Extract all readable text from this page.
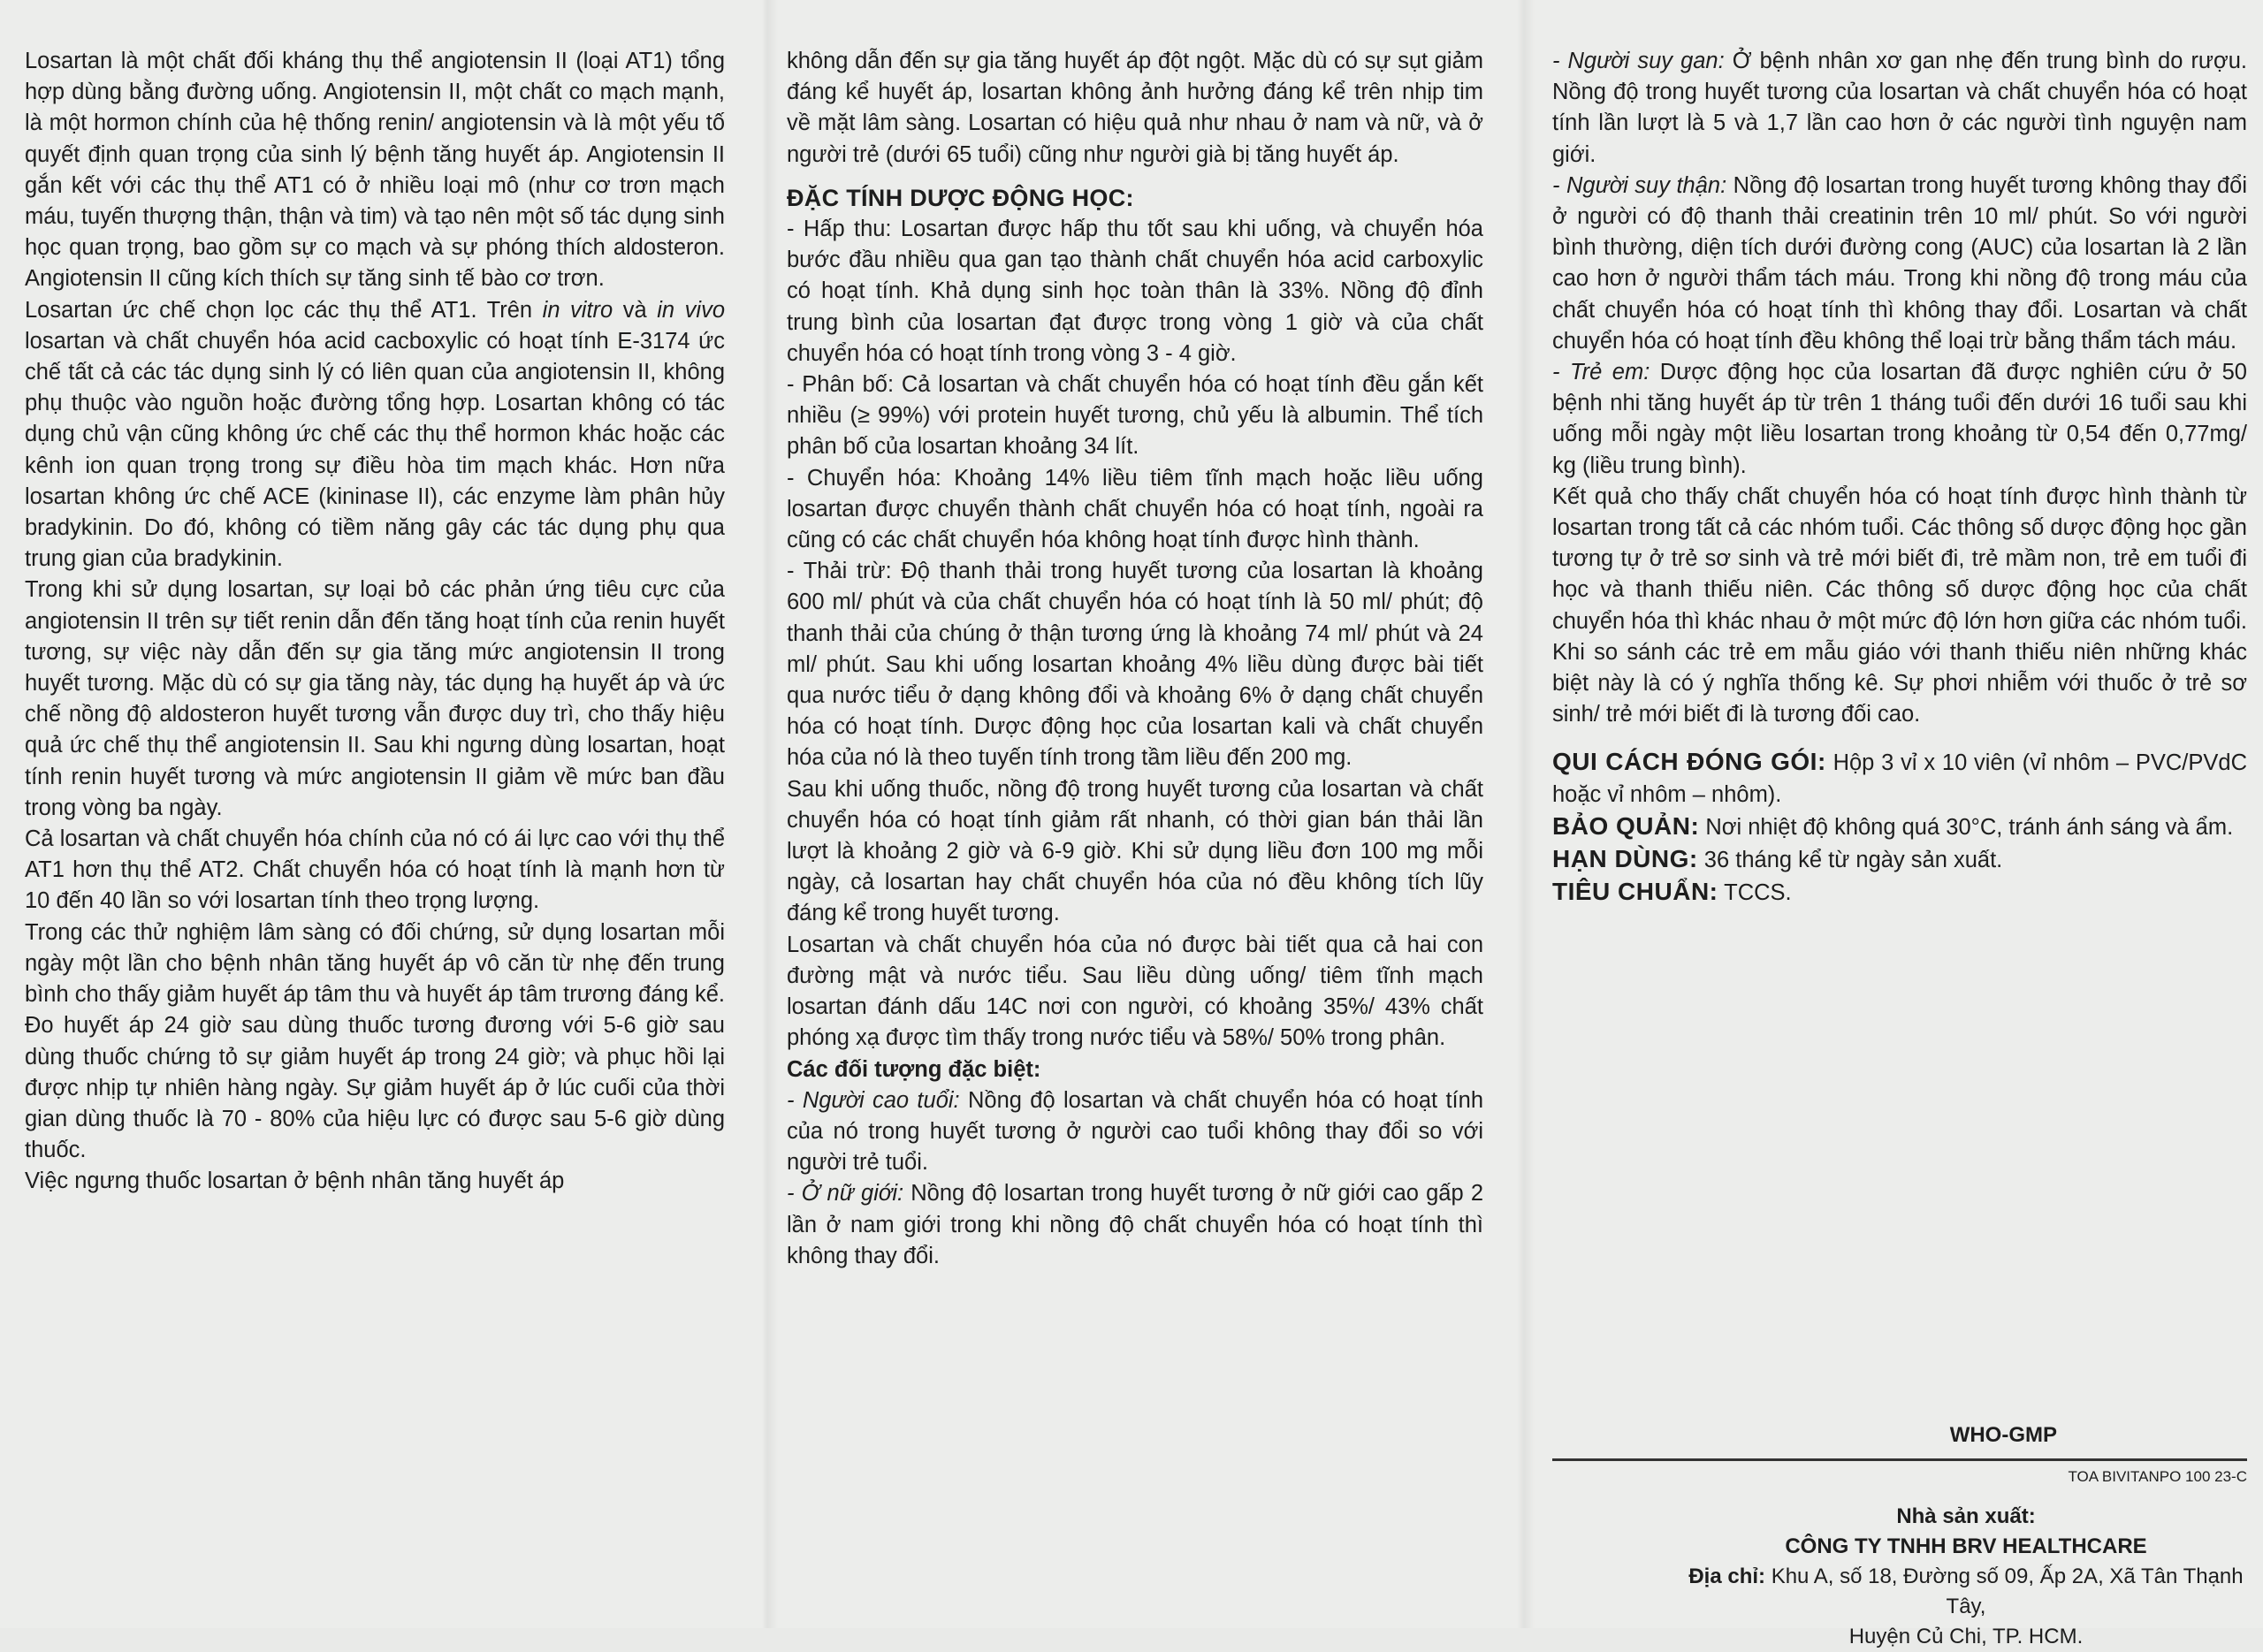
Losartan là một chất đối kháng thụ thể angiotensin II (loại AT1) tổng hợp dùng bằng đường uống. Angiotensin II, một chất co mạch mạnh, là một hormon chính của hệ thống renin/ angiotensin và là một yếu tố quyết định quan trọng của sinh lý bệnh tăng huyết áp. Angiotensin II gắn kết với các thụ thể AT1 có ở nhiều loại mô (như cơ trơn mạch máu, tuyến thượng thận, thận và tim) và tạo nên một số tác dụng sinh học quan trọng, bao gồm sự co mạch và sự phóng thích aldosteron. Angiotensin II cũng kích thích sự tăng sinh tế bào cơ trơn.

Losartan ức chế chọn lọc các thụ thể AT1. Trên in vitro và in vivo losartan và chất chuyển hóa acid cacboxylic có hoạt tính E-3174 ức chế tất cả các tác dụng sinh lý có liên quan của angiotensin II, không phụ thuộc vào nguồn hoặc đường tổng hợp. Losartan không có tác dụng chủ vận cũng không ức chế các thụ thể hormon khác hoặc các kênh ion quan trọng trong sự điều hòa tim mạch khác. Hơn nữa losartan không ức chế ACE (kininase II), các enzyme làm phân hủy bradykinin. Do đó, không có tiềm năng gây các tác dụng phụ qua trung gian của bradykinin.

Trong khi sử dụng losartan, sự loại bỏ các phản ứng tiêu cực của angiotensin II trên sự tiết renin dẫn đến tăng hoạt tính của renin huyết tương, sự việc này dẫn đến sự gia tăng mức angiotensin II trong huyết tương. Mặc dù có sự gia tăng này, tác dụng hạ huyết áp và ức chế nồng độ aldosteron huyết tương vẫn được duy trì, cho thấy hiệu quả ức chế thụ thể angiotensin II. Sau khi ngưng dùng losartan, hoạt tính renin huyết tương và mức angiotensin II giảm về mức ban đầu trong vòng ba ngày.

Cả losartan và chất chuyển hóa chính của nó có ái lực cao với thụ thể AT1 hơn thụ thể AT2. Chất chuyển hóa có hoạt tính là mạnh hơn từ 10 đến 40 lần so với losartan tính theo trọng lượng.

Trong các thử nghiệm lâm sàng có đối chứng, sử dụng losartan mỗi ngày một lần cho bệnh nhân tăng huyết áp vô căn từ nhẹ đến trung bình cho thấy giảm huyết áp tâm thu và huyết áp tâm trương đáng kể. Đo huyết áp 24 giờ sau dùng thuốc tương đương với 5-6 giờ sau dùng thuốc chứng tỏ sự giảm huyết áp trong 24 giờ; và phục hồi lại được nhịp tự nhiên hàng ngày. Sự giảm huyết áp ở lúc cuối của thời gian dùng thuốc là 70 - 80% của hiệu lực có được sau 5-6 giờ dùng thuốc.

Việc ngưng thuốc losartan ở bệnh nhân tăng huyết áp

không dẫn đến sự gia tăng huyết áp đột ngột. Mặc dù có sự sụt giảm đáng kể huyết áp, losartan không ảnh hưởng đáng kể trên nhịp tim về mặt lâm sàng. Losartan có hiệu quả như nhau ở nam và nữ, và ở người trẻ (dưới 65 tuổi) cũng như người già bị tăng huyết áp.

ĐẶC TÍNH DƯỢC ĐỘNG HỌC:

- Hấp thu: Losartan được hấp thu tốt sau khi uống, và chuyển hóa bước đầu nhiều qua gan tạo thành chất chuyển hóa acid carboxylic có hoạt tính. Khả dụng sinh học toàn thân là 33%. Nồng độ đỉnh trung bình của losartan đạt được trong vòng 1 giờ và của chất chuyển hóa có hoạt tính trong vòng 3 - 4 giờ.

- Phân bố: Cả losartan và chất chuyển hóa có hoạt tính đều gắn kết nhiều (≥ 99%) với protein huyết tương, chủ yếu là albumin. Thể tích phân bố của losartan khoảng 34 lít.

- Chuyển hóa: Khoảng 14% liều tiêm tĩnh mạch hoặc liều uống losartan được chuyển thành chất chuyển hóa có hoạt tính, ngoài ra cũng có các chất chuyển hóa không hoạt tính được hình thành.

- Thải trừ: Độ thanh thải trong huyết tương của losartan là khoảng 600 ml/ phút và của chất chuyển hóa có hoạt tính là 50 ml/ phút; độ thanh thải của chúng ở thận tương ứng là khoảng 74 ml/ phút và 24 ml/ phút. Sau khi uống losartan khoảng 4% liều dùng được bài tiết qua nước tiểu ở dạng không đổi và khoảng 6% ở dạng chất chuyển hóa có hoạt tính. Dược động học của losartan kali và chất chuyển hóa của nó là theo tuyến tính trong tầm liều đến 200 mg.

Sau khi uống thuốc, nồng độ trong huyết tương của losartan và chất chuyển hóa có hoạt tính giảm rất nhanh, có thời gian bán thải lần lượt là khoảng 2 giờ và 6-9 giờ. Khi sử dụng liều đơn 100 mg mỗi ngày, cả losartan hay chất chuyển hóa của nó đều không tích lũy đáng kể trong huyết tương.

Losartan và chất chuyển hóa của nó được bài tiết qua cả hai con đường mật và nước tiểu. Sau liều dùng uống/ tiêm tĩnh mạch losartan đánh dấu 14C nơi con người, có khoảng 35%/ 43% chất phóng xạ được tìm thấy trong nước tiểu và 58%/ 50% trong phân.

Các đối tượng đặc biệt:

- Người cao tuổi: Nồng độ losartan và chất chuyển hóa có hoạt tính của nó trong huyết tương ở người cao tuổi không thay đổi so với người trẻ tuổi.

- Ở nữ giới: Nồng độ losartan trong huyết tương ở nữ giới cao gấp 2 lần ở nam giới trong khi nồng độ chất chuyển hóa có hoạt tính thì không thay đổi.

- Người suy gan: Ở bệnh nhân xơ gan nhẹ đến trung bình do rượu. Nồng độ trong huyết tương của losartan và chất chuyển hóa có hoạt tính lần lượt là 5 và 1,7 lần cao hơn ở các người tình nguyện nam giới.

- Người suy thận: Nồng độ losartan trong huyết tương không thay đổi ở người có độ thanh thải creatinin trên 10 ml/ phút. So với người bình thường, diện tích dưới đường cong (AUC) của losartan là 2 lần cao hơn ở người thẩm tách máu. Trong khi nồng độ trong máu của chất chuyển hóa có hoạt tính thì không thay đổi. Losartan và chất chuyển hóa có hoạt tính đều không thể loại trừ bằng thẩm tách máu.

- Trẻ em: Dược động học của losartan đã được nghiên cứu ở 50 bệnh nhi tăng huyết áp từ trên 1 tháng tuổi đến dưới 16 tuổi sau khi uống mỗi ngày một liều losartan trong khoảng từ 0,54 đến 0,77mg/ kg (liều trung bình).

Kết quả cho thấy chất chuyển hóa có hoạt tính được hình thành từ losartan trong tất cả các nhóm tuổi. Các thông số dược động học gần tương tự ở trẻ sơ sinh và trẻ mới biết đi, trẻ mầm non, trẻ em tuổi đi học và thanh thiếu niên. Các thông số dược động học của chất chuyển hóa thì khác nhau ở một mức độ lớn hơn giữa các nhóm tuổi. Khi so sánh các trẻ em mẫu giáo với thanh thiếu niên những khác biệt này là có ý nghĩa thống kê. Sự phơi nhiễm với thuốc ở trẻ sơ sinh/ trẻ mới biết đi là tương đối cao.

QUI CÁCH ĐÓNG GÓI: Hộp 3 vỉ x 10 viên (vỉ nhôm – PVC/PVdC hoặc vỉ nhôm – nhôm).

BẢO QUẢN: Nơi nhiệt độ không quá 30°C, tránh ánh sáng và ẩm.

HẠN DÙNG: 36 tháng kể từ ngày sản xuất.

TIÊU CHUẨN: TCCS.

WHO-GMP
TOA BIVITANPO 100 23-C
Nhà sản xuất:
CÔNG TY TNHH BRV HEALTHCARE
Địa chỉ: Khu A, số 18, Đường số 09, Ấp 2A, Xã Tân Thạnh Tây,
Huyện Củ Chi, TP. HCM.
